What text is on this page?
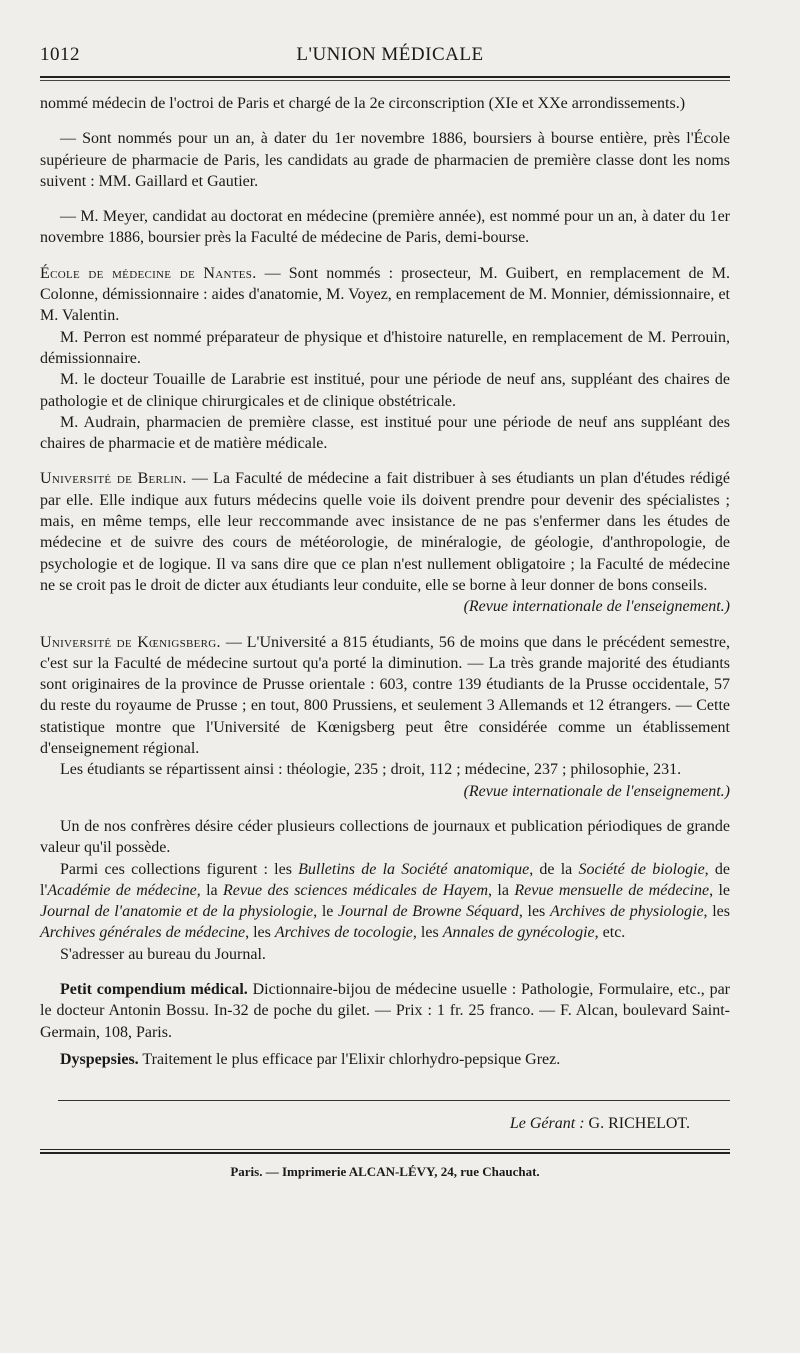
1012	L'UNION MÉDICALE

nommé médecin de l'octroi de Paris et chargé de la 2e circonscription (XIe et XXe arrondissements.)

— Sont nommés pour un an, à dater du 1er novembre 1886, boursiers à bourse entière, près l'École supérieure de pharmacie de Paris, les candidats au grade de pharmacien de première classe dont les noms suivent : MM. Gaillard et Gautier.

— M. Meyer, candidat au doctorat en médecine (première année), est nommé pour un an, à dater du 1er novembre 1886, boursier près la Faculté de médecine de Paris, demi-bourse.

École de médecine de Nantes. — Sont nommés : prosecteur, M. Guibert, en remplacement de M. Colonne, démissionnaire : aides d'anatomie, M. Voyez, en remplacement de M. Monnier, démissionnaire, et M. Valentin.

M. Perron est nommé préparateur de physique et d'histoire naturelle, en remplacement de M. Perrouin, démissionnaire.

M. le docteur Touaille de Larabrie est institué, pour une période de neuf ans, suppléant des chaires de pathologie et de clinique chirurgicales et de clinique obstétricale.

M. Audrain, pharmacien de première classe, est institué pour une période de neuf ans suppléant des chaires de pharmacie et de matière médicale.

Université de Berlin. — La Faculté de médecine a fait distribuer à ses étudiants un plan d'études rédigé par elle. Elle indique aux futurs médecins quelle voie ils doivent prendre pour devenir des spécialistes ; mais, en même temps, elle leur reccommande avec insistance de ne pas s'enfermer dans les études de médecine et de suivre des cours de météorologie, de minéralogie, de géologie, d'anthropologie, de psychologie et de logique. Il va sans dire que ce plan n'est nullement obligatoire ; la Faculté de médecine ne se croit pas le droit de dicter aux étudiants leur conduite, elle se borne à leur donner de bons conseils.
(Revue internationale de l'enseignement.)

Université de Kœnigsberg. — L'Université a 815 étudiants, 56 de moins que dans le précédent semestre, c'est sur la Faculté de médecine surtout qu'a porté la diminution. — La très grande majorité des étudiants sont originaires de la province de Prusse orientale : 603, contre 139 étudiants de la Prusse occidentale, 57 du reste du royaume de Prusse ; en tout, 800 Prussiens, et seulement 3 Allemands et 12 étrangers. — Cette statistique montre que l'Université de Kœnigsberg peut être considérée comme un établissement d'enseignement régional.

Les étudiants se répartissent ainsi : théologie, 235 ; droit, 112 ; médecine, 237 ; philosophie, 231.
(Revue internationale de l'enseignement.)

Un de nos confrères désire céder plusieurs collections de journaux et publication périodiques de grande valeur qu'il possède.

Parmi ces collections figurent : les Bulletins de la Société anatomique, de la Société de biologie, de l'Académie de médecine, la Revue des sciences médicales de Hayem, la Revue mensuelle de médecine, le Journal de l'anatomie et de la physiologie, le Journal de Browne Séquard, les Archives de physiologie, les Archives générales de médecine, les Archives de tocologie, les Annales de gynécologie, etc.

S'adresser au bureau du Journal.

Petit compendium médical. Dictionnaire-bijou de médecine usuelle : Pathologie, Formulaire, etc., par le docteur Antonin Bossu. In-32 de poche du gilet. — Prix : 1 fr. 25 franco. — F. Alcan, boulevard Saint-Germain, 108, Paris.

Dyspepsies. Traitement le plus efficace par l'Elixir chlorhydro-pepsique Grez.

Le Gérant : G. RICHELOT.
Paris. — Imprimerie ALCAN-LÉVY, 24, rue Chauchat.
